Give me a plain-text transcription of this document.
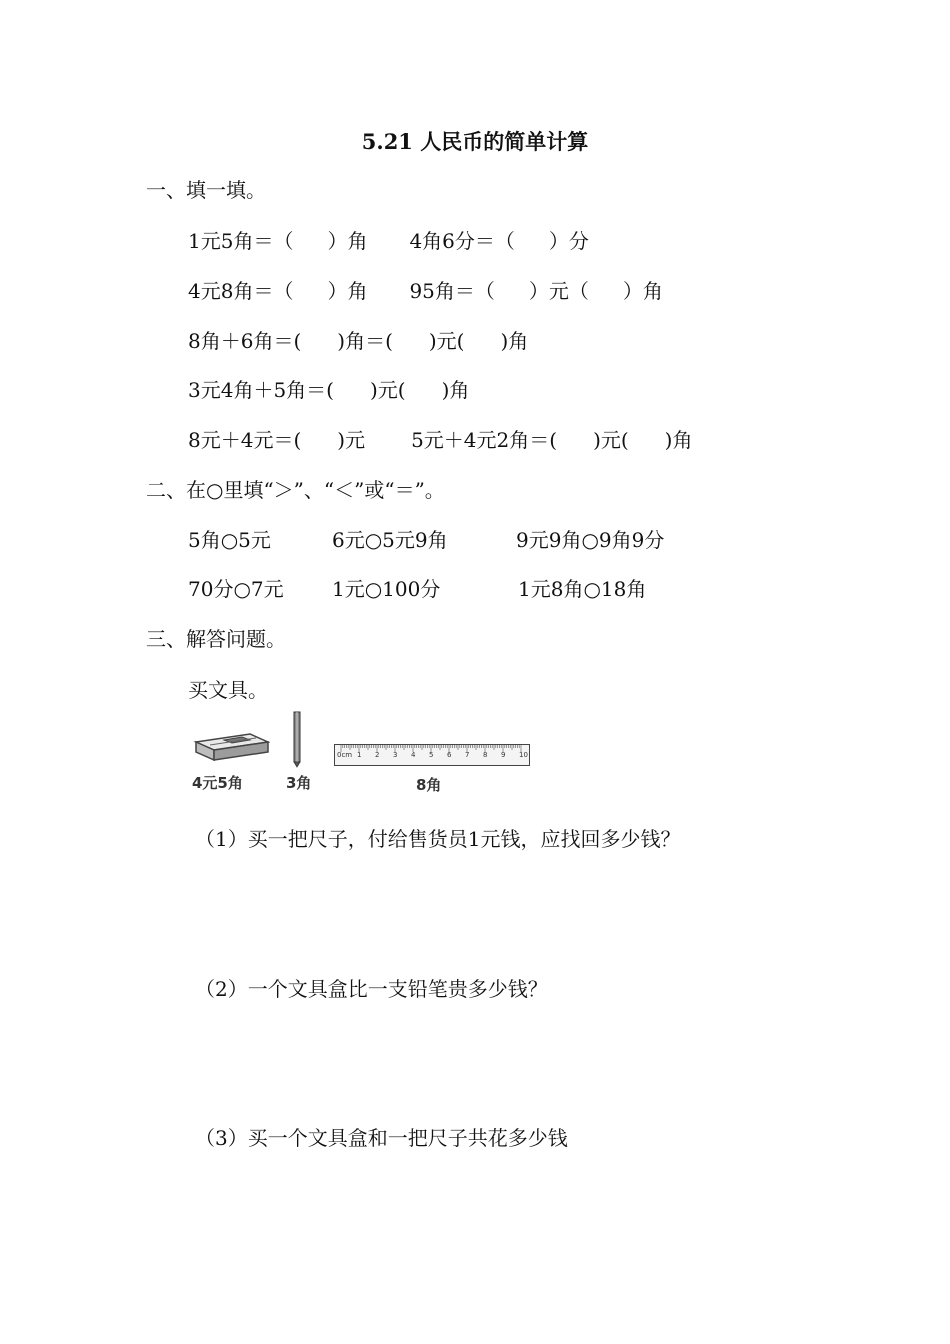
5.21 人民币的简单计算

一、填一填。

1元5角＝（ ）角 4角6分＝（ ）分

4元8角＝（ ）角 95角＝（ ）元（ ）角

8角＋6角＝( )角＝( )元( )角

3元4角＋5角＝( )元( )角

8元＋4元＝( )元 5元＋4元2角＝( )元( )角

二、在○里填“＞”、“＜”或“＝”。

5角○5元	6元○5元9角	9元9角○9角9分

70分○7元 1元○100分	1元8角○18角

三、解答问题。

买文具。

4元5角	3角
0cm 1 2 3 4 5 6 7 8 9 10
8角

（1）买一把尺子，付给售货员1元钱，应找回多少钱？

（2）一个文具盒比一支铅笔贵多少钱？

（3）买一个文具盒和一把尺子共花多少钱
